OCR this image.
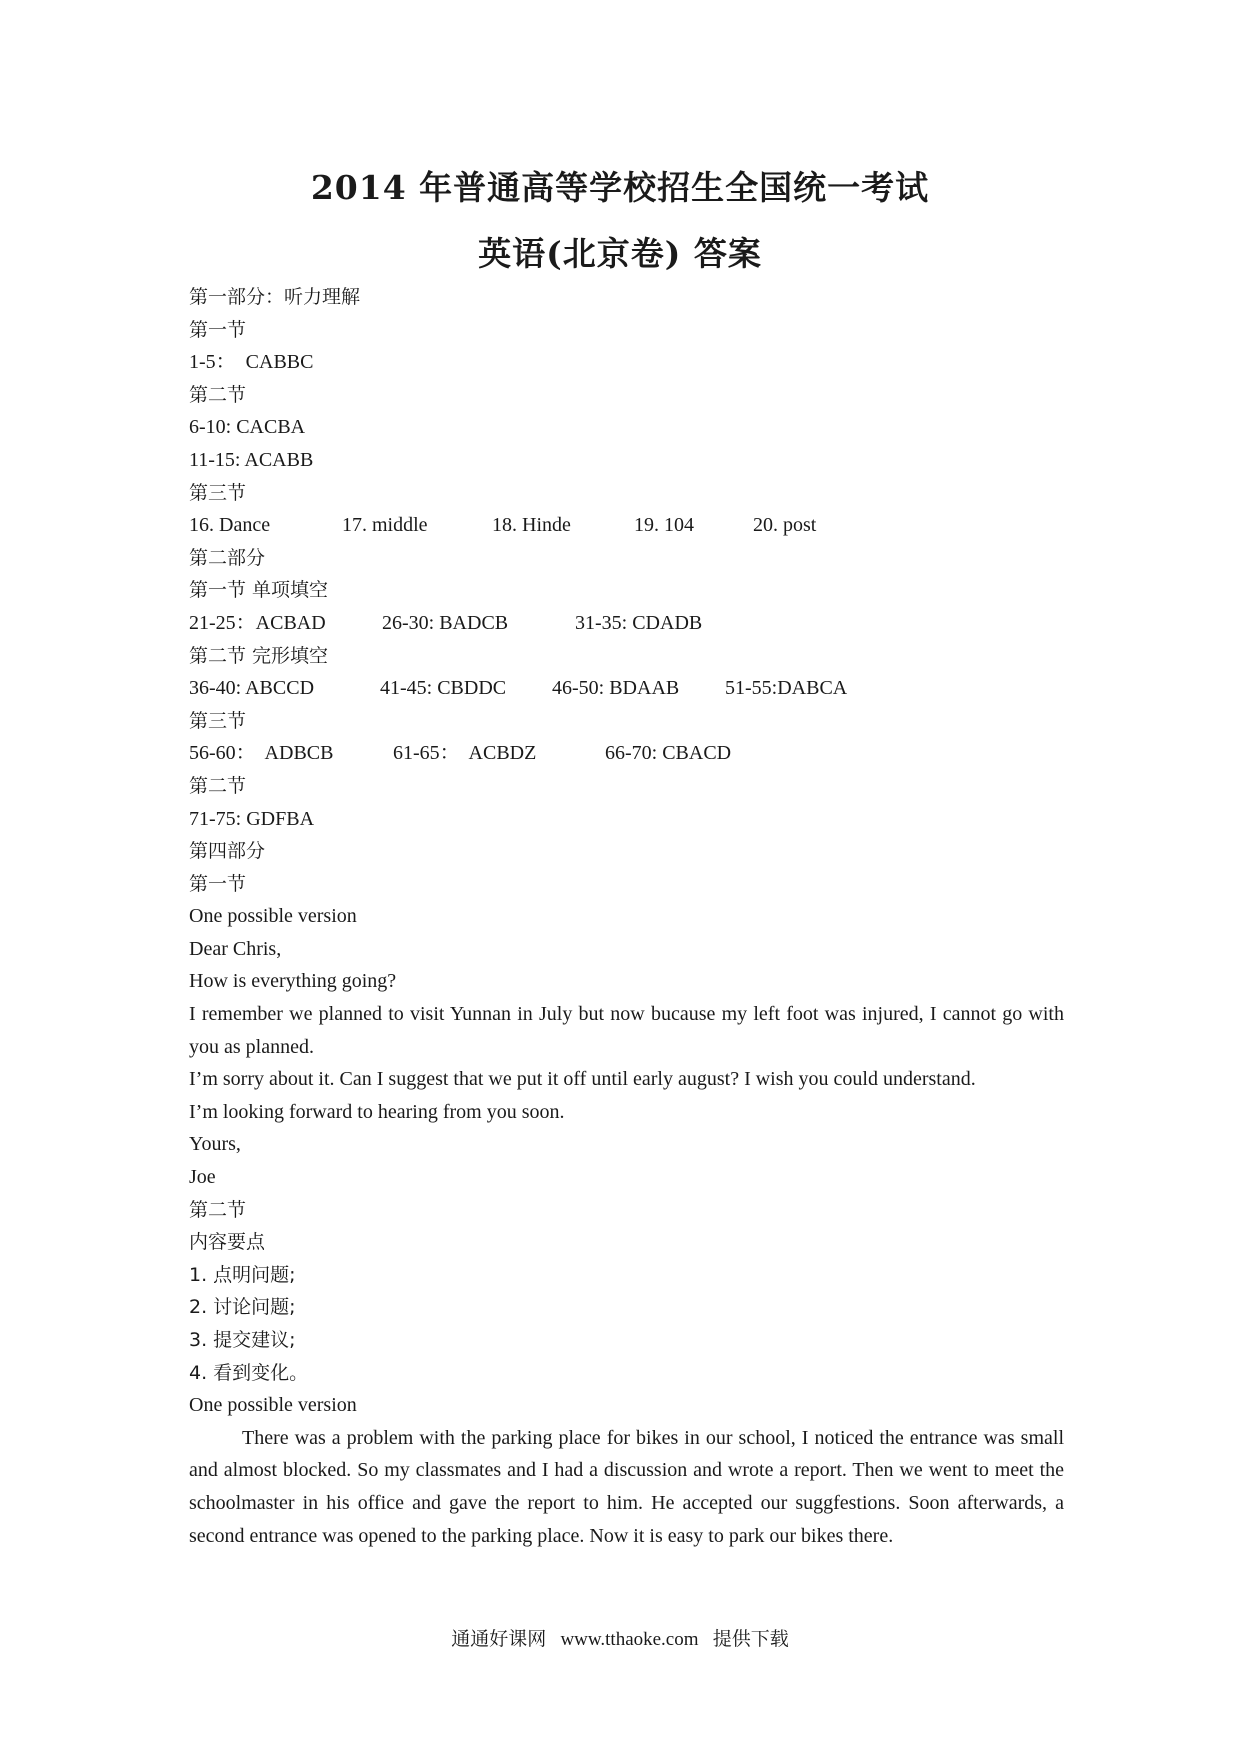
2014 年普通高等学校招生全国统一考试
英语(北京卷) 答案
第一部分：听力理解
第一节
1-5：  CABBC
第二节
6-10: CACBA
11-15: ACABB
第三节
16. Dance	17. middle	18. Hinde	19. 104	20. post
第二部分
第一节 单项填空
21-25：ACBAD	26-30: BADCB	31-35: CDADB
第二节 完形填空
36-40: ABCCD	41-45: CBDDC 46-50: BDAAB 51-55:DABCA
第三节
56-60：  ADBCB	61-65：  ACBDZ	66-70: CBACD
第二节
71-75: GDFBA
第四部分
第一节
One possible version
Dear Chris,
How is everything going?
I remember we planned to visit Yunnan in July but now bucause my left foot was injured, I cannot go with you as planned.
I’m sorry about it. Can I suggest that we put it off until early august? I wish you could understand.
I’m looking forward to hearing from you soon.
Yours,
Joe
第二节
内容要点
1. 点明问题;
2. 讨论问题;
3. 提交建议;
4. 看到变化。
One possible version
There was a problem with the parking place for bikes in our school, I noticed the entrance was small and almost blocked. So my classmates and I had a discussion and wrote a report. Then we went to meet the schoolmaster in his office and gave the report to him. He accepted our suggfestions. Soon afterwards, a second entrance was opened to the parking place. Now it is easy to park our bikes there.
通通好课网 www.tthaoke.com 提供下载
